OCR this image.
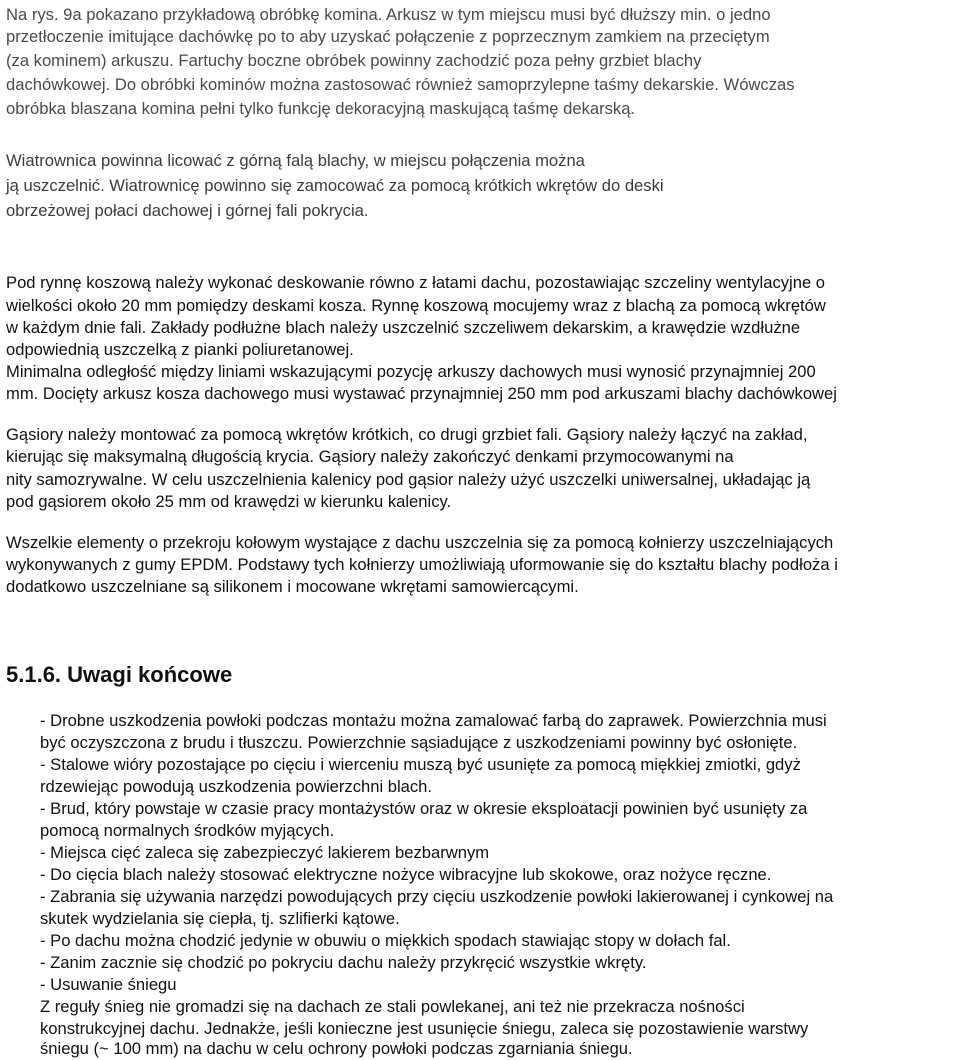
Na rys. 9a pokazano przykładową obróbkę komina. Arkusz w tym miejscu musi być dłuższy min. o jedno
przetłoczenie imitujące dachówkę po to aby uzyskać połączenie z poprzecznym zamkiem na przeciętym
(za kominem) arkuszu. Fartuchy boczne obróbek powinny zachodzić poza pełny grzbiet blachy
dachówkowej. Do obróbki kominów można zastosować również samoprzylepne taśmy dekarskie. Wówczas
obróbka blaszana komina pełni tylko funkcję dekoracyjną maskującą taśmę dekarską.
Wiatrownica powinna licować z górną falą blachy, w miejscu połączenia można
ją uszczelnić. Wiatrownicę powinno się zamocować za pomocą krótkich wkrętów do deski
obrzeżowej połaci dachowej i górnej fali pokrycia.
Pod rynnę koszową należy wykonać deskowanie równo z łatami dachu, pozostawiając szczeliny wentylacyjne o
wielkości około 20 mm pomiędzy deskami kosza. Rynnę koszową mocujemy wraz z blachą za pomocą wkrętów
w każdym dnie fali. Zakłady podłużne blach należy uszczelnić szczeliwem dekarskim, a krawędzie wzdłużne
odpowiednią uszczelką z pianki poliuretanowej.
Minimalna odległość między liniami wskazującymi pozycję arkuszy dachowych musi wynosić przynajmniej 200
mm. Docięty arkusz kosza dachowego musi wystawać przynajmniej 250 mm pod arkuszami blachy dachówkowej
Gąsiory należy montować za pomocą wkrętów krótkich, co drugi grzbiet fali. Gąsiory należy łączyć na zakład,
kierując się maksymalną długością krycia. Gąsiory należy zakończyć denkami przymocowanymi na
nity samozrywalne. W celu uszczelnienia kalenicy pod gąsior należy użyć uszczelki uniwersalnej, układając ją
pod gąsiorem około 25 mm od krawędzi w kierunku kalenicy.
Wszelkie elementy o przekroju kołowym wystające z dachu uszczelnia się za pomocą kołnierzy uszczelniających
wykonywanych z gumy EPDM. Podstawy tych kołnierzy umożliwiają uformowanie się do kształtu blachy podłoża i
dodatkowo uszczelniane są silikonem i mocowane wkrętami samowiercącymi.
5.1.6. Uwagi końcowe
- Drobne uszkodzenia powłoki podczas montażu można zamalować farbą do zaprawek. Powierzchnia musi
być oczyszczona z brudu i tłuszczu. Powierzchnie sąsiadujące z uszkodzeniami powinny być osłonięte.
- Stalowe wióry pozostające po cięciu i wierceniu muszą być usunięte za pomocą miękkiej zmiotki, gdyż
rdzewiejąc powodują uszkodzenia powierzchni blach.
- Brud, który powstaje w czasie pracy montażystów oraz w okresie eksploatacji powinien być usunięty za
pomocą normalnych środków myjących.
- Miejsca cięć zaleca się zabezpieczyć lakierem bezbarwnym
- Do cięcia blach należy stosować elektryczne nożyce wibracyjne lub skokowe, oraz nożyce ręczne.
- Zabrania się używania narzędzi powodujących przy cięciu uszkodzenie powłoki lakierowanej i cynkowej na
skutek wydzielania się ciepła, tj. szlifierki kątowe.
- Po dachu można chodzić jedynie w obuwiu o miękkich spodach stawiając stopy w dołach fal.
- Zanim zacznie się chodzić po pokryciu dachu należy przykręcić wszystkie wkręty.
- Usuwanie śniegu
Z reguły śnieg nie gromadzi się na dachach ze stali powlekanej, ani też nie przekracza nośności
konstrukcyjnej dachu. Jednakże, jeśli konieczne jest usunięcie śniegu, zaleca się pozostawienie warstwy
śniegu (~ 100 mm) na dachu w celu ochrony powłoki podczas zgarniania śniegu.
